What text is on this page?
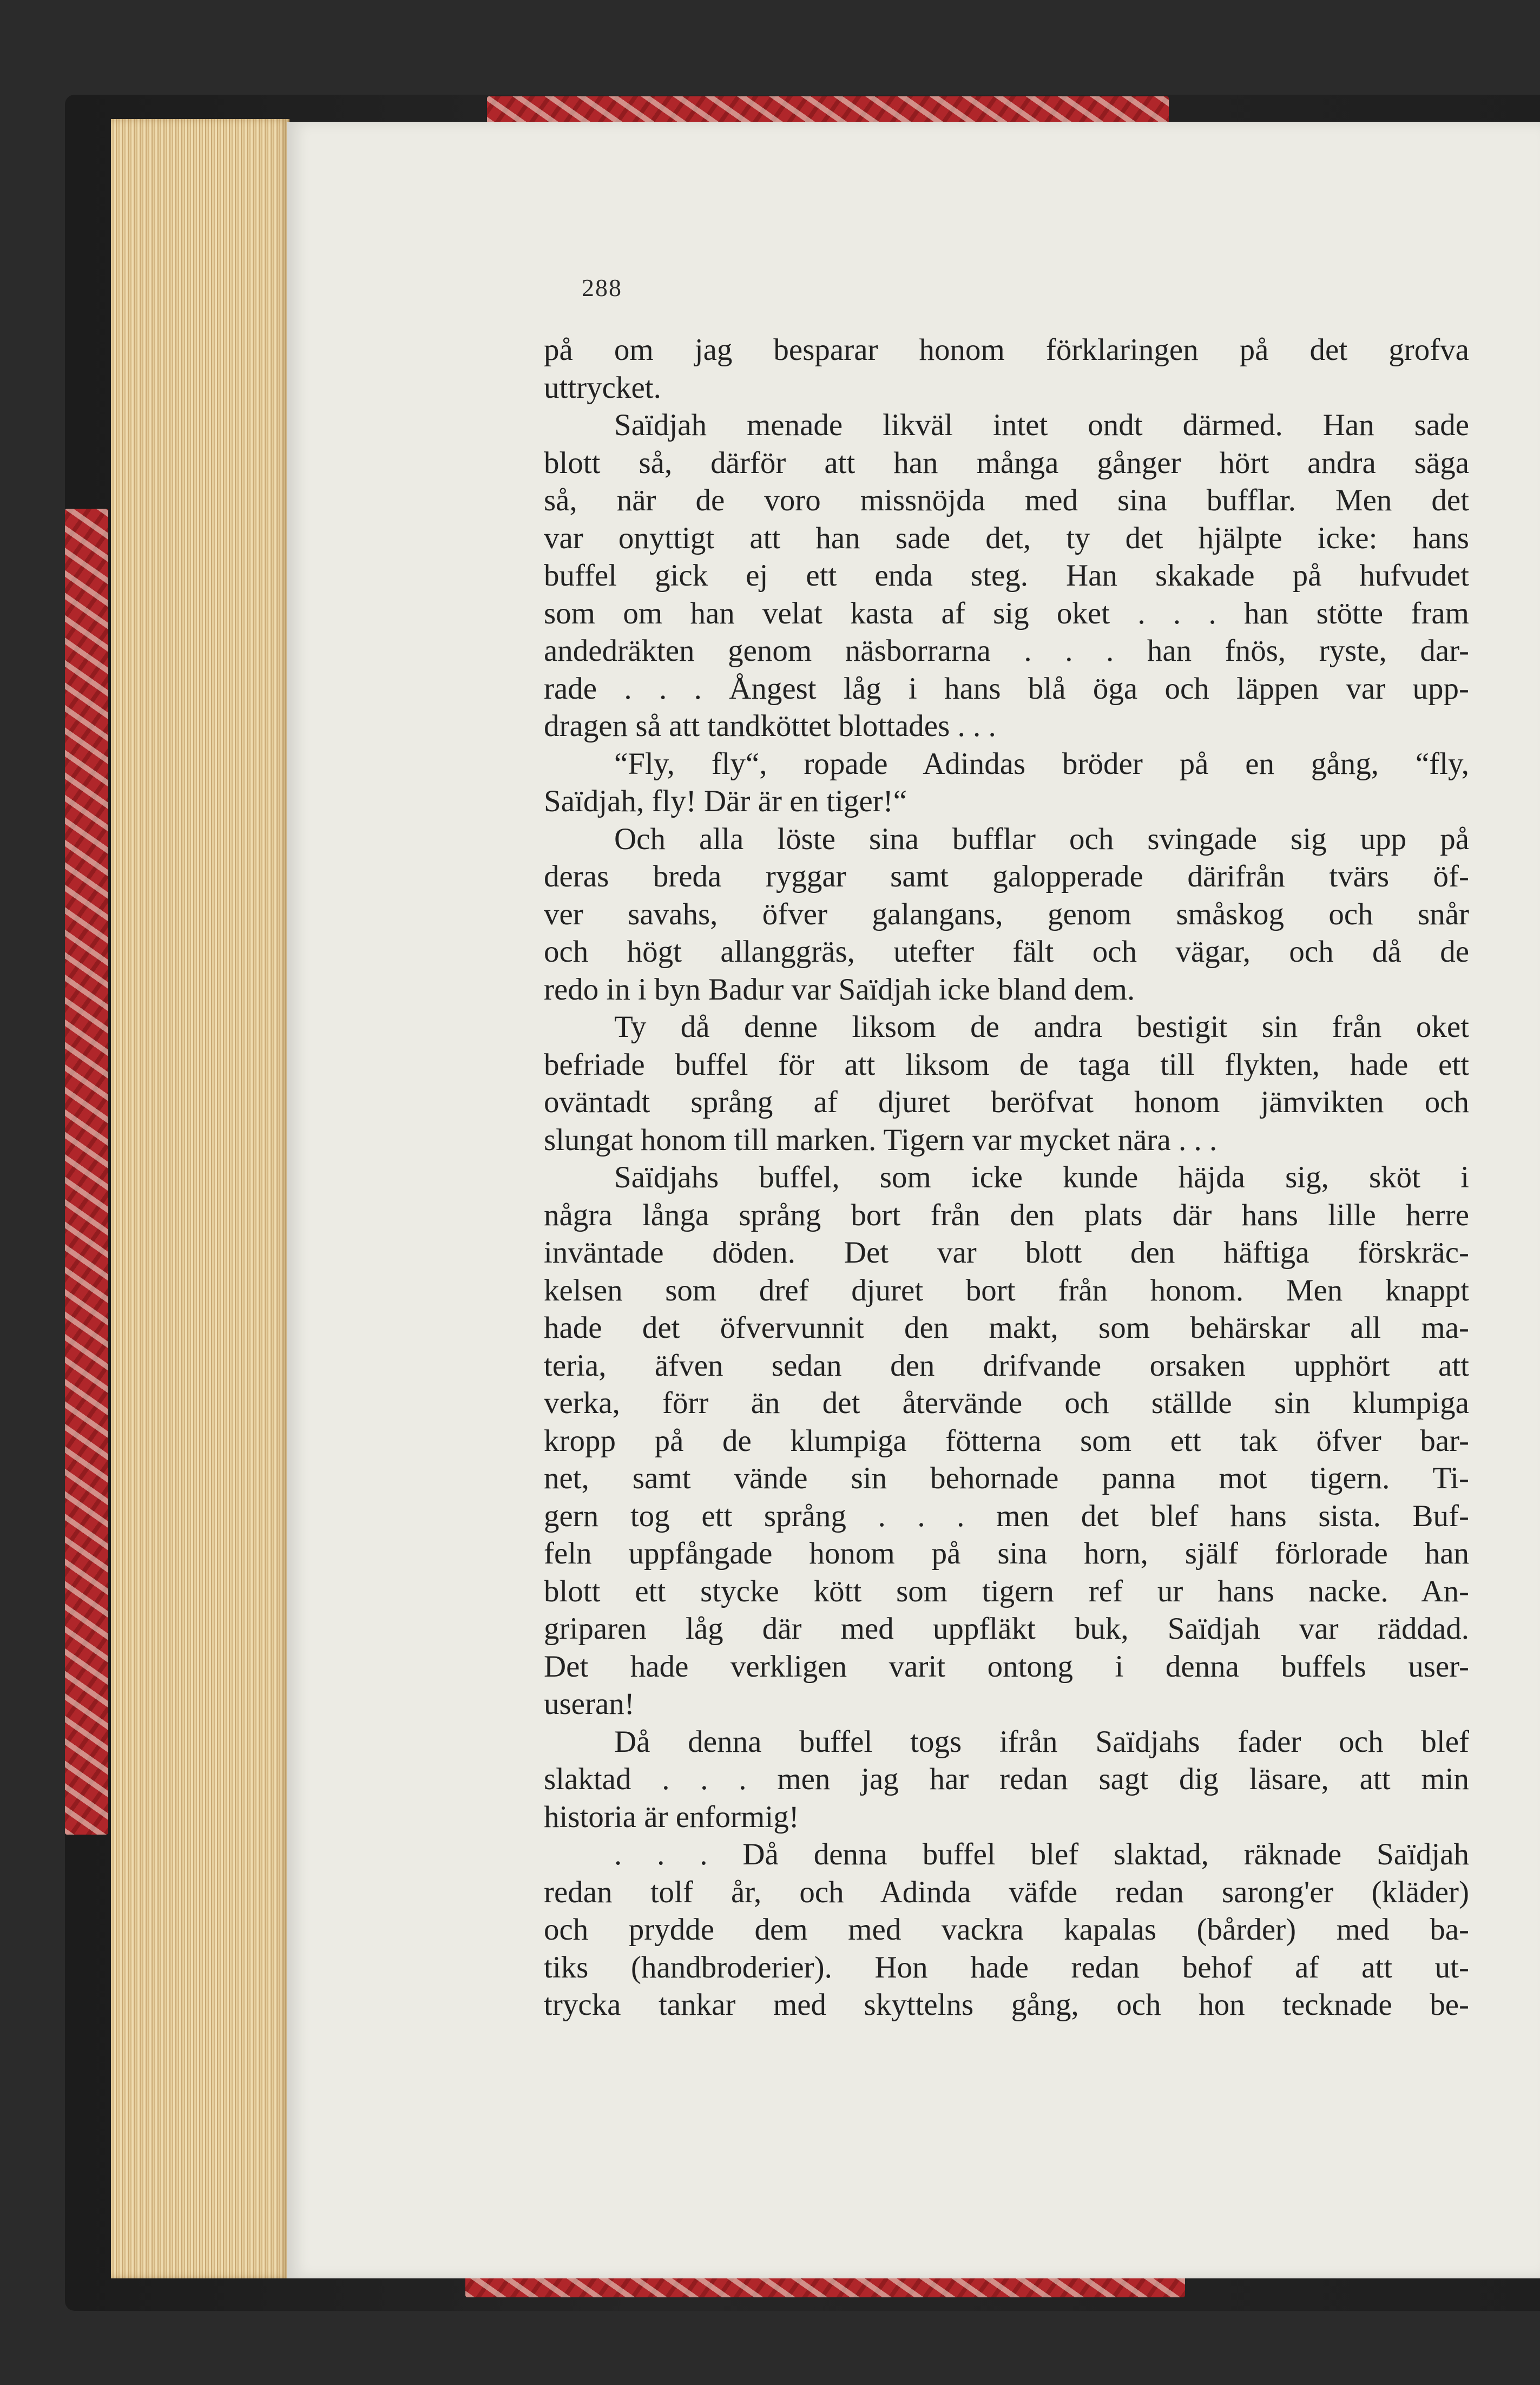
288
på om jag besparar honom förklaringen på det grofva
uttrycket.
Saïdjah menade likväl intet ondt därmed. Han sade
blott så, därför att han många gånger hört andra säga
så, när de voro missnöjda med sina bufflar. Men det
var onyttigt att han sade det, ty det hjälpte icke: hans
buffel gick ej ett enda steg. Han skakade på hufvudet
som om han velat kasta af sig oket . . . han stötte fram
andedräkten genom näsborrarna . . . han fnös, ryste, dar-
rade . . . Ångest låg i hans blå öga och läppen var upp-
dragen så att tandköttet blottades . . .
“Fly, fly“, ropade Adindas bröder på en gång, “fly,
Saïdjah, fly! Där är en tiger!“
Och alla löste sina bufflar och svingade sig upp på
deras breda ryggar samt galopperade därifrån tvärs öf-
ver savahs, öfver galangans, genom småskog och snår
och högt allanggräs, utefter fält och vägar, och då de
redo in i byn Badur var Saïdjah icke bland dem.
Ty då denne liksom de andra bestigit sin från oket
befriade buffel för att liksom de taga till flykten, hade ett
oväntadt språng af djuret beröfvat honom jämvikten och
slungat honom till marken. Tigern var mycket nära . . .
Saïdjahs buffel, som icke kunde häjda sig, sköt i
några långa språng bort från den plats där hans lille herre
inväntade döden. Det var blott den häftiga förskräc-
kelsen som dref djuret bort från honom. Men knappt
hade det öfvervunnit den makt, som behärskar all ma-
teria, äfven sedan den drifvande orsaken upphört att
verka, förr än det återvände och ställde sin klumpiga
kropp på de klumpiga fötterna som ett tak öfver bar-
net, samt vände sin behornade panna mot tigern. Ti-
gern tog ett språng . . . men det blef hans sista. Buf-
feln uppfångade honom på sina horn, själf förlorade han
blott ett stycke kött som tigern ref ur hans nacke. An-
griparen låg där med uppfläkt buk, Saïdjah var räddad.
Det hade verkligen varit ontong i denna buffels user-
useran!
Då denna buffel togs ifrån Saïdjahs fader och blef
slaktad . . . men jag har redan sagt dig läsare, att min
historia är enformig!
. . . Då denna buffel blef slaktad, räknade Saïdjah
redan tolf år, och Adinda väfde redan sarong'er (kläder)
och prydde dem med vackra kapalas (bårder) med ba-
tiks (handbroderier). Hon hade redan behof af att ut-
trycka tankar med skyttelns gång, och hon tecknade be-
